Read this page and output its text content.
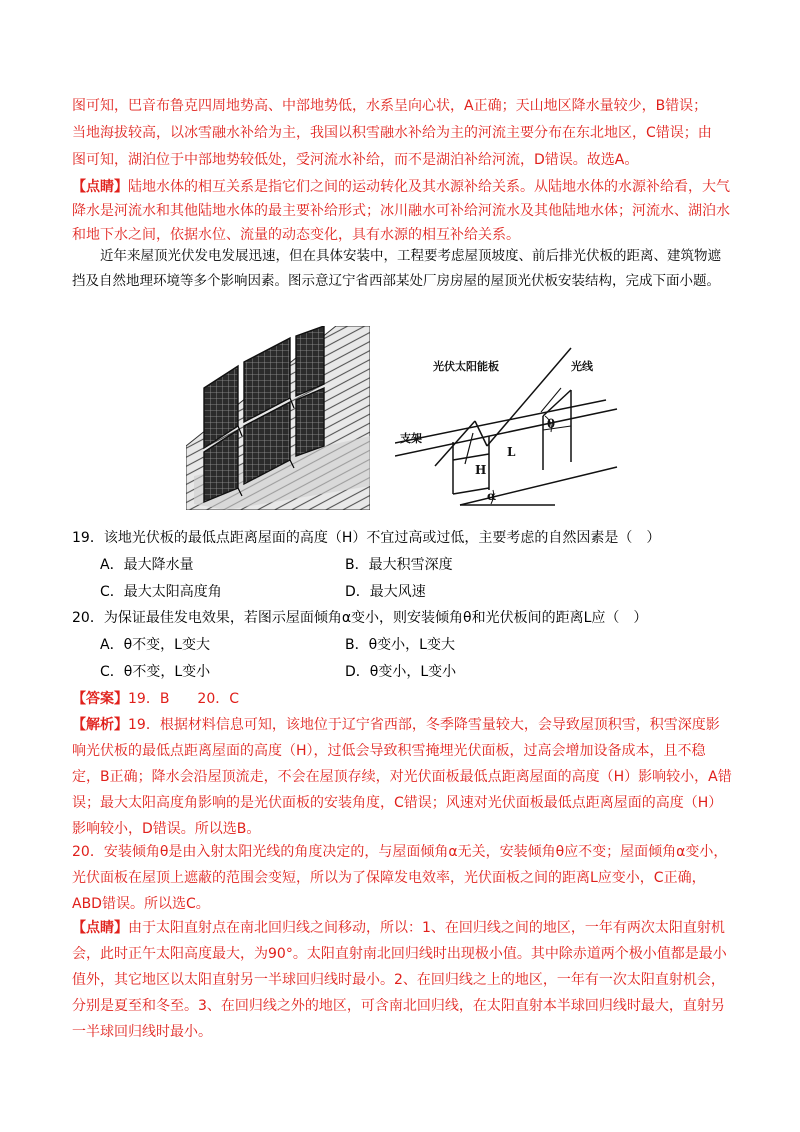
图可知，巴音布鲁克四周地势高、中部地势低，水系呈向心状，A正确；天山地区降水量较少，B错误；

当地海拔较高，以冰雪融水补给为主，我国以积雪融水补给为主的河流主要分布在东北地区，C错误；由

图可知，湖泊位于中部地势较低处，受河流水补给，而不是湖泊补给河流，D错误。故选A。

【点睛】陆地水体的相互关系是指它们之间的运动转化及其水源补给关系。从陆地水体的水源补给看，大气降水是河流水和其他陆地水体的最主要补给形式；冰川融水可补给河流水及其他陆地水体；河流水、湖泊水和地下水之间，依据水位、流量的动态变化，具有水源的相互补给关系。

近年来屋顶光伏发电发展迅速，但在具体安装中，工程要考虑屋顶坡度、前后排光伏板的距离、建筑物遮挡及自然地理环境等多个影响因素。图示意辽宁省西部某处厂房房屋的屋顶光伏板安装结构，完成下面小题。

光伏太阳能板	光线
支架
L
H
θ
α
19．该地光伏板的最低点距离屋面的高度（H）不宜过高或过低，主要考虑的自然因素是（　）
A．最大降水量	B．最大积雪深度
C．最大太阳高度角	D．最大风速
20．为保证最佳发电效果，若图示屋面倾角α变小，则安装倾角θ和光伏板间的距离L应（　）
A．θ不变，L变大	B．θ变小，L变大
C．θ不变，L变小	D．θ变小，L变小
【答案】19．B　　20．C

【解析】19．根据材料信息可知，该地位于辽宁省西部，冬季降雪量较大，会导致屋顶积雪，积雪深度影响光伏板的最低点距离屋面的高度（H），过低会导致积雪掩埋光伏面板，过高会增加设备成本，且不稳定，B正确；降水会沿屋顶流走，不会在屋顶存续，对光伏面板最低点距离屋面的高度（H）影响较小，A错误；最大太阳高度角影响的是光伏面板的安装角度，C错误；风速对光伏面板最低点距离屋面的高度（H）影响较小，D错误。所以选B。

20．安装倾角θ是由入射太阳光线的角度决定的，与屋面倾角α无关，安装倾角θ应不变；屋面倾角α变小，光伏面板在屋顶上遮蔽的范围会变短，所以为了保障发电效率，光伏面板之间的距离L应变小，C正确，ABD错误。所以选C。

【点睛】由于太阳直射点在南北回归线之间移动，所以：1、在回归线之间的地区，一年有两次太阳直射机会，此时正午太阳高度最大，为90°。太阳直射南北回归线时出现极小值。其中除赤道两个极小值都是最小值外，其它地区以太阳直射另一半球回归线时最小。2、在回归线之上的地区，一年有一次太阳直射机会，分别是夏至和冬至。3、在回归线之外的地区，可含南北回归线，在太阳直射本半球回归线时最大，直射另一半球回归线时最小。
